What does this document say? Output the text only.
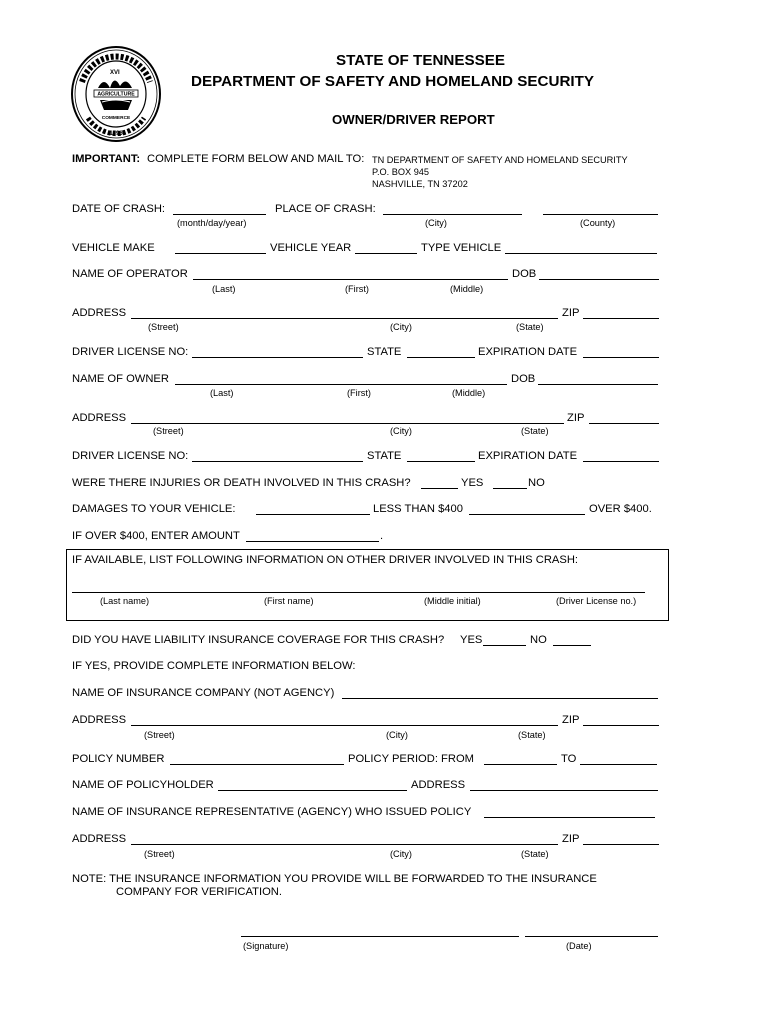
XVI
AGRICULTURE
COMMERCE
1796
STATE OF TENNESSEE
DEPARTMENT OF SAFETY AND HOMELAND SECURITY
OWNER/DRIVER REPORT
IMPORTANT: COMPLETE FORM BELOW AND MAIL TO: TN DEPARTMENT OF SAFETY AND HOMELAND SECURITY
P.O. BOX 945
NASHVILLE, TN 37202
DATE OF CRASH:	PLACE OF CRASH:
(month/day/year)	(City)	(County)
VEHICLE MAKE	VEHICLE YEAR	TYPE VEHICLE
NAME OF OPERATOR	DOB
(Last)	(First)	(Middle)
ADDRESS	ZIP
(Street)	(City)	(State)
DRIVER LICENSE NO:	STATE	EXPIRATION DATE
NAME OF OWNER	DOB
(Last)	(First)	(Middle)
ADDRESS	ZIP
(Street)	(City)	(State)
DRIVER LICENSE NO:	STATE	EXPIRATION DATE
WERE THERE INJURIES OR DEATH INVOLVED IN THIS CRASH?	YES	NO
DAMAGES TO YOUR VEHICLE:	LESS THAN $400	OVER $400.
IF OVER $400, ENTER AMOUNT	.
IF AVAILABLE, LIST FOLLOWING INFORMATION ON OTHER DRIVER INVOLVED IN THIS CRASH:
(Last name)	(First name)	(Middle initial)	(Driver License no.)
DID YOU HAVE LIABILITY INSURANCE COVERAGE FOR THIS CRASH? YES	NO
IF YES, PROVIDE COMPLETE INFORMATION BELOW:
NAME OF INSURANCE COMPANY (NOT AGENCY)
ADDRESS	ZIP
(Street)	(City)	(State)
POLICY NUMBER	POLICY PERIOD: FROM	TO
NAME OF POLICYHOLDER	ADDRESS
NAME OF INSURANCE REPRESENTATIVE (AGENCY) WHO ISSUED POLICY
ADDRESS	ZIP
(Street)	(City)	(State)
NOTE: THE INSURANCE INFORMATION YOU PROVIDE WILL BE FORWARDED TO THE INSURANCE
COMPANY FOR VERIFICATION.
(Signature)	(Date)
